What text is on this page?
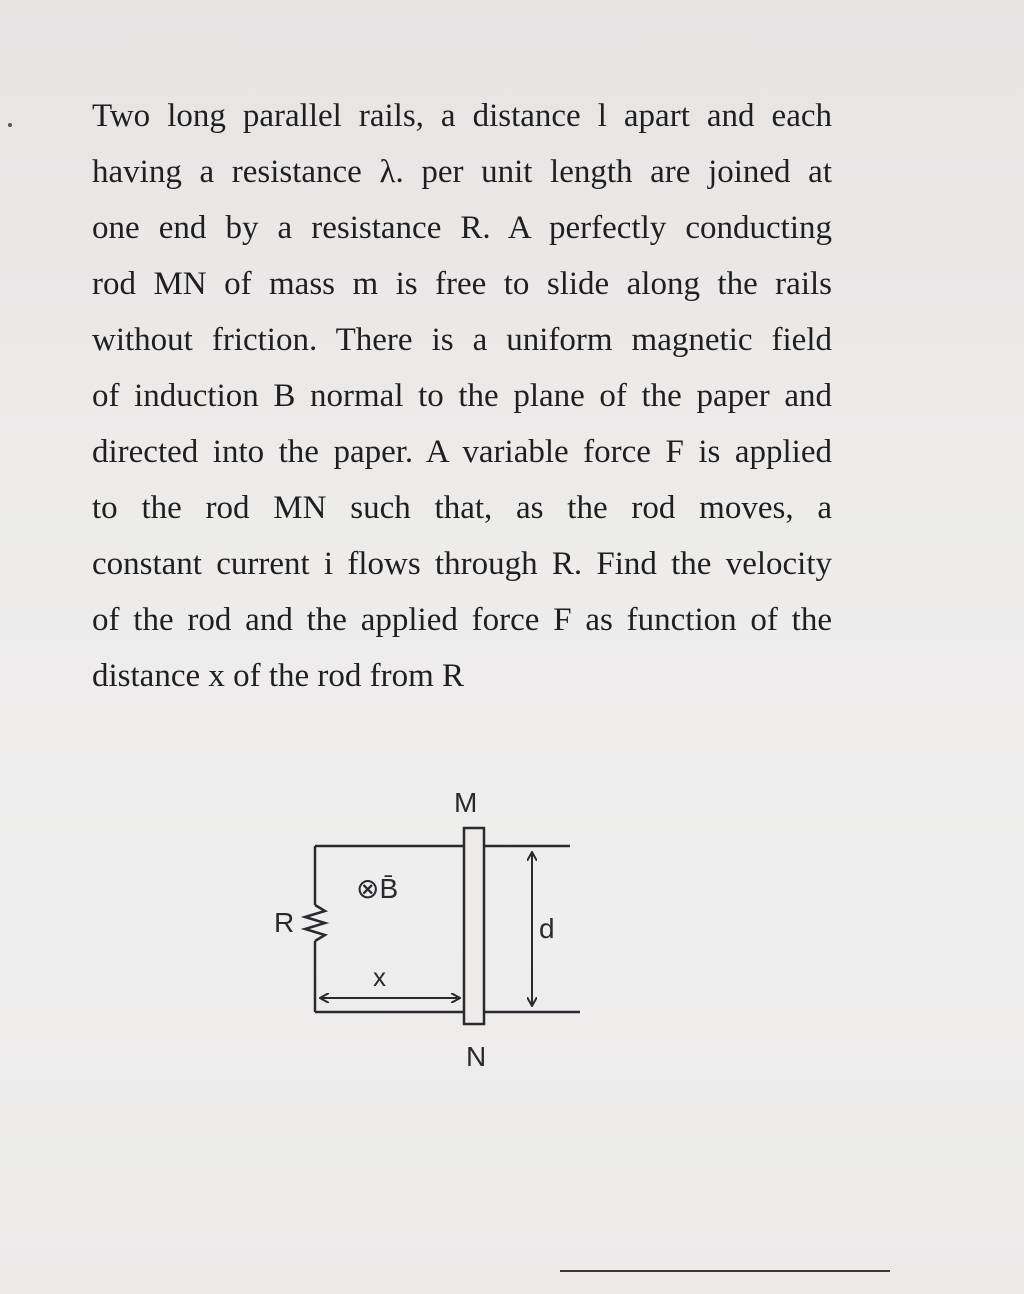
Two long parallel rails, a distance l apart and each
having a resistance λ. per unit length are joined at
one end by a resistance R. A perfectly conducting
rod MN of mass m is free to slide along the rails
without friction. There is a uniform magnetic field
of induction B normal to the plane of the paper and
directed into the paper. A variable force F is applied
to the rod MN such that, as the rod moves, a
constant current i flows through R. Find the velocity
of the rod and the applied force F as function of the
distance x of the rod from R
M
N
R
⊗B̄
x
d
